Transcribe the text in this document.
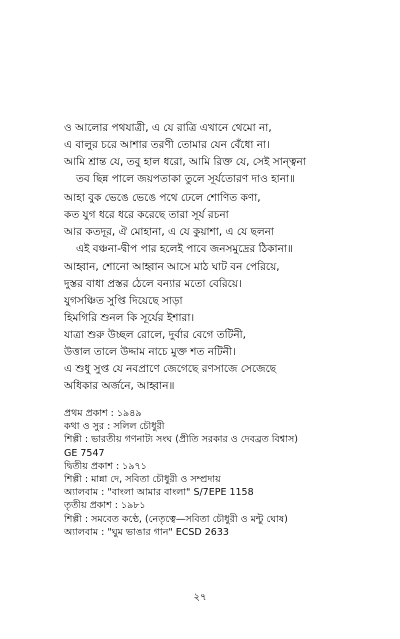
ও আলোর পথযাত্রী, এ যে রাত্রি এখানে থেমো না,
এ বালুর চরে আশার তরণী তোমার যেন বেঁধো না।
আমি শ্রান্ত যে, তবু হাল ধরো, আমি রিক্ত যে, সেই সান্ত্বনা
তব ছিন্ন পালে জয়পতাকা তুলে সূর্যতোরণ দাও হানা॥
আহা বুক ভেঙে ভেঙে পথে ঢেলে শোণিত কণা,
কত যুগ ধরে ধরে করেছে তারা সূর্য রচনা
আর কতদূর, ঐ মোহানা, এ যে কুয়াশা, এ যে ছলনা
এই বঞ্চনা-দ্বীপ পার হলেই পাবে জনসমুদ্রের ঠিকানা॥
আহ্বান, শোনো আহ্বান আসে মাঠ ঘাট বন পেরিয়ে,
দুস্তর বাধা প্রস্তর ঠেলে বন্যার মতো বেরিয়ে।
যুগসঞ্চিত সুপ্তি দিয়েছে সাড়া
হিমগিরি শুনল কি সূর্যের ইশারা।
যাত্রা শুরু উচ্ছল রোলে, দুর্বার বেগে তটিনী,
উত্তাল তালে উদ্দাম নাচে মুক্ত শত নটিনী।
এ শুধু সুপ্ত যে নবপ্রাণে জেগেছে রণসাজে সেজেছে
অধিকার অর্জনে, আহ্বান॥
প্রথম প্রকাশ : ১৯৪৯
কথা ও সুর : সলিল চৌধুরী
শিল্পী : ভারতীয় গণনাট্য সংঘ (প্রীতি সরকার ও দেবব্রত বিশ্বাস)
GE 7547
দ্বিতীয় প্রকাশ : ১৯৭১
শিল্পী : মান্না দে, সবিতা চৌধুরী ও সম্প্রদায়
অ্যালবাম : "বাংলা আমার বাংলা" S/7EPE 1158
তৃতীয় প্রকাশ : ১৯৮১
শিল্পী : সমবেত কণ্ঠে, (নেতৃত্বে—সবিতা চৌধুরী ও মন্টু ঘোষ)
অ্যালবাম : "ঘুম ভাঙার গান" ECSD 2633
২৭
